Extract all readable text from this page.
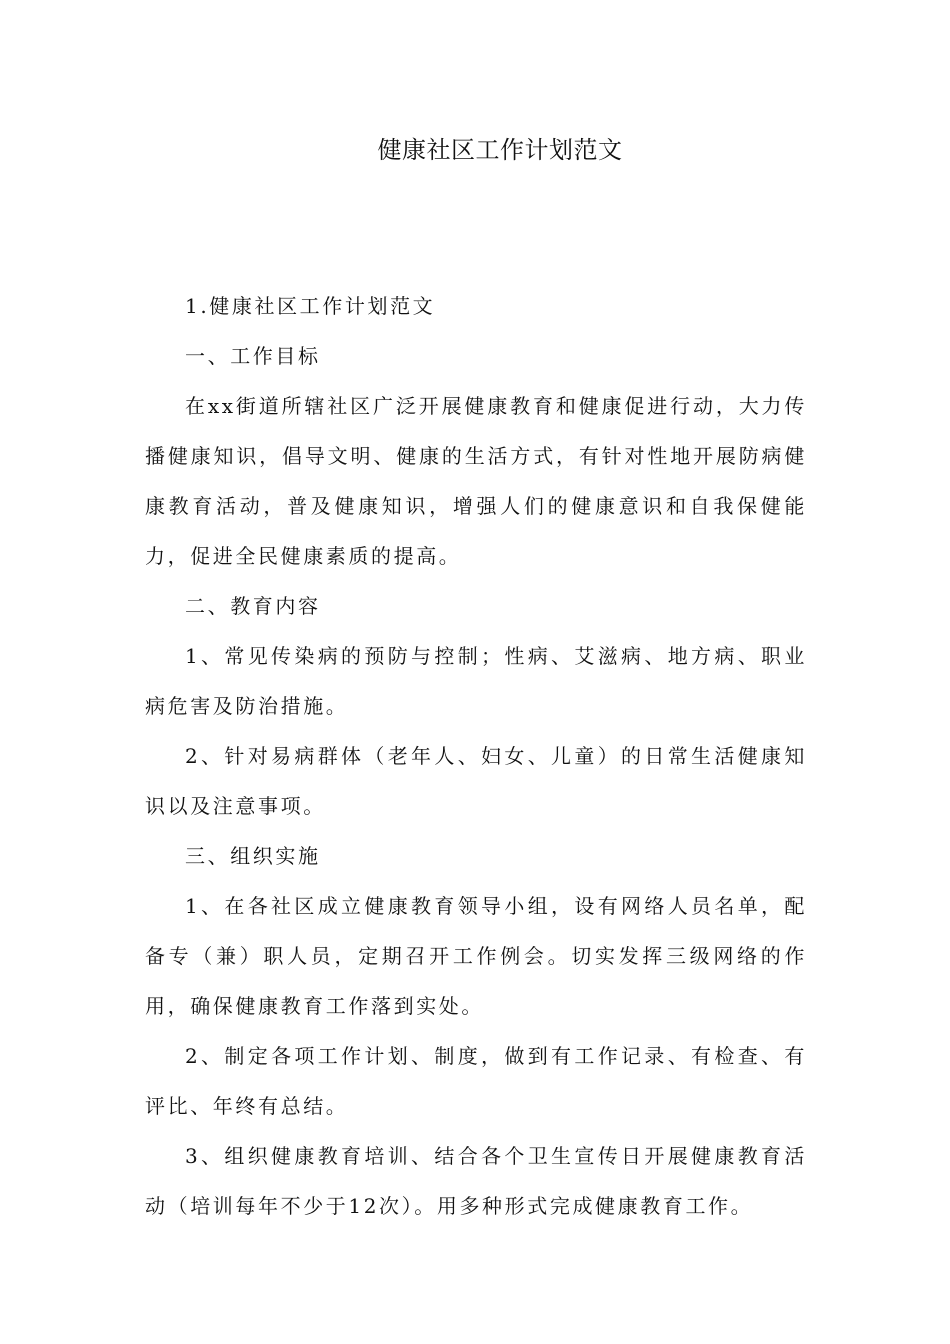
健康社区工作计划范文

1.健康社区工作计划范文

一、工作目标

在xx街道所辖社区广泛开展健康教育和健康促进行动，大力传播健康知识，倡导文明、健康的生活方式，有针对性地开展防病健康教育活动，普及健康知识，增强人们的健康意识和自我保健能力，促进全民健康素质的提高。

二、教育内容

1、常见传染病的预防与控制；性病、艾滋病、地方病、职业病危害及防治措施。

2、针对易病群体（老年人、妇女、儿童）的日常生活健康知识以及注意事项。

三、组织实施

1、在各社区成立健康教育领导小组，设有网络人员名单，配备专（兼）职人员，定期召开工作例会。切实发挥三级网络的作用，确保健康教育工作落到实处。

2、制定各项工作计划、制度，做到有工作记录、有检查、有评比、年终有总结。

3、组织健康教育培训、结合各个卫生宣传日开展健康教育活动（培训每年不少于12次）。用多种形式完成健康教育工作。
